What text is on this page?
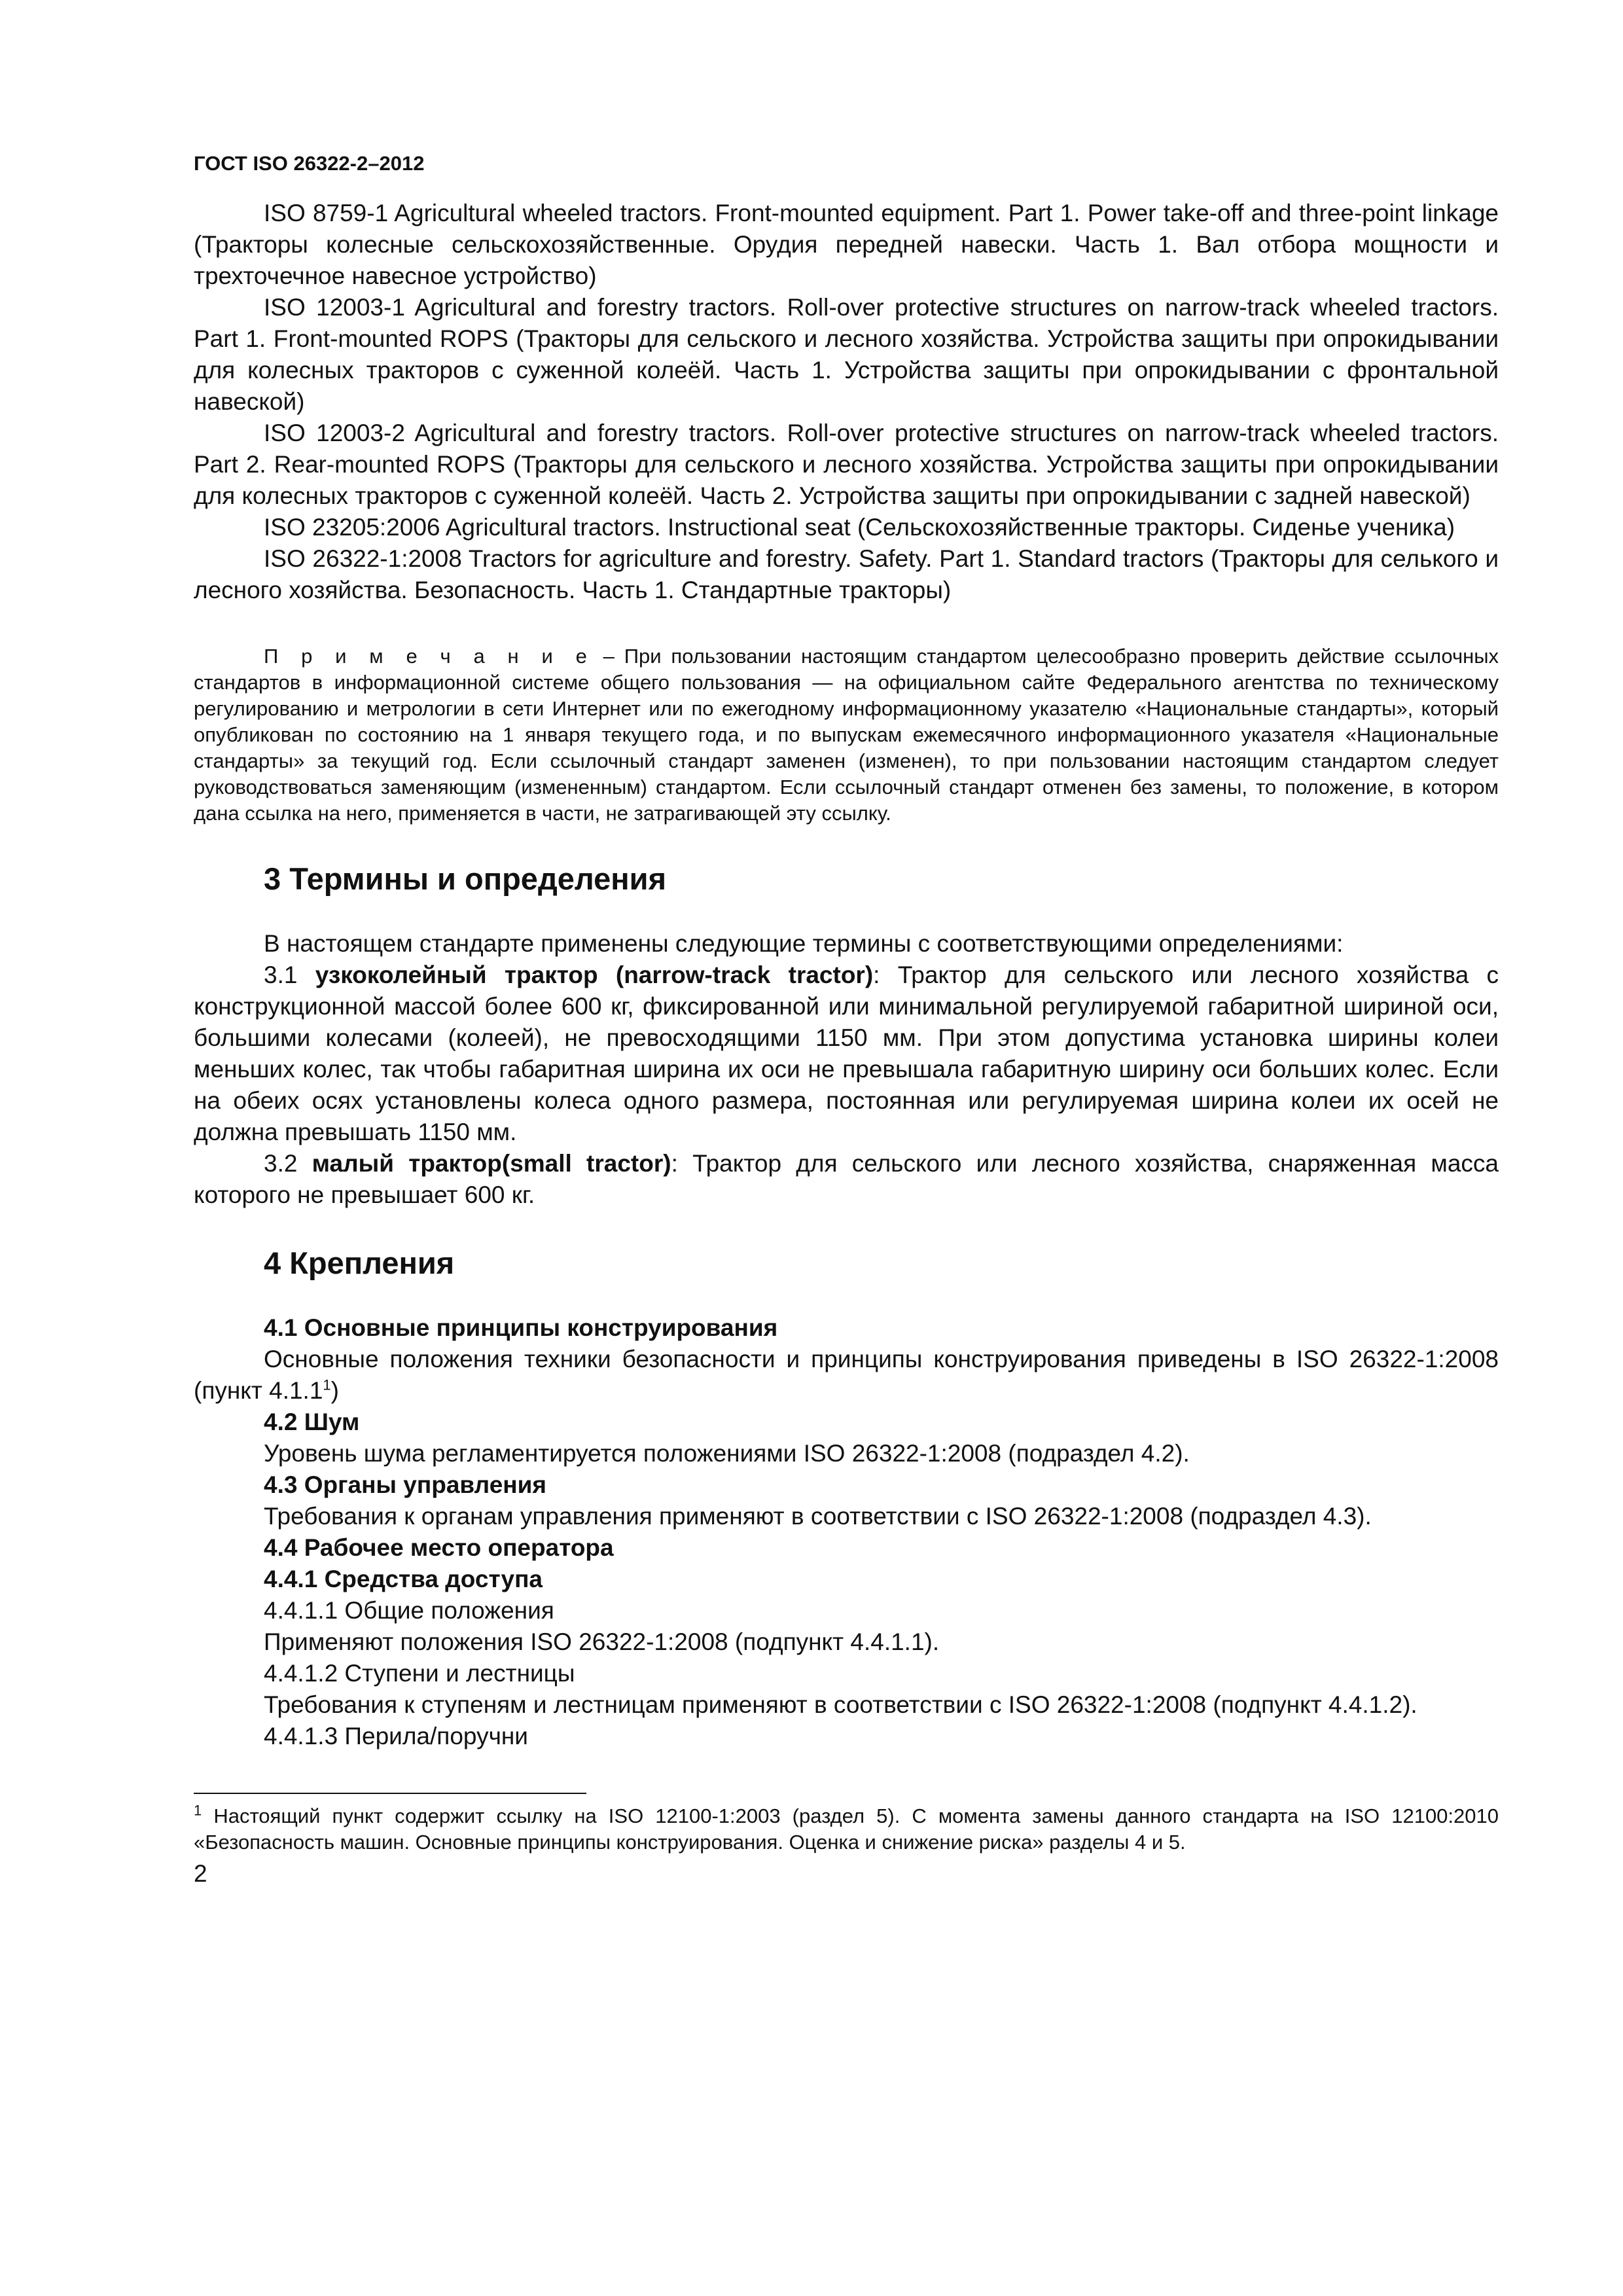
ГОСТ ISO 26322-2–2012

ISO 8759-1 Agricultural wheeled tractors. Front-mounted equipment. Part 1. Power take-off and three-point linkage (Тракторы колесные сельскохозяйственные. Орудия передней навески. Часть 1. Вал отбора мощности и трехточечное навесное устройство)

ISO 12003-1 Agricultural and forestry tractors. Roll-over protective structures on narrow-track wheeled tractors. Part 1. Front-mounted ROPS (Тракторы для сельского и лесного хозяйства. Устройства защиты при опрокидывании для колесных тракторов с суженной колеёй. Часть 1. Устройства защиты при опрокидывании с фронтальной навеской)

ISO 12003-2 Agricultural and forestry tractors. Roll-over protective structures on narrow-track wheeled tractors. Part 2. Rear-mounted ROPS (Тракторы для сельского и лесного хозяйства. Устройства защиты при опрокидывании для колесных тракторов с суженной колеёй. Часть 2. Устройства защиты при опрокидывании с задней навеской)

ISO 23205:2006 Agricultural tractors. Instructional seat (Сельскохозяйственные тракторы. Сиденье ученика)

ISO 26322-1:2008 Tractors for agriculture and forestry. Safety. Part 1. Standard tractors (Тракторы для селького и лесного хозяйства. Безопасность. Часть 1. Стандартные тракторы)

П р и м е ч а н и е – При пользовании настоящим стандартом целесообразно проверить действие ссылочных стандартов в информационной системе общего пользования — на официальном сайте Федерального агентства по техническому регулированию и метрологии в сети Интернет или по ежегодному информационному указателю «Национальные стандарты», который опубликован по состоянию на 1 января текущего года, и по выпускам ежемесячного информационного указателя «Национальные стандарты» за текущий год. Если ссылочный стандарт заменен (изменен), то при пользовании настоящим стандартом следует руководствоваться заменяющим (измененным) стандартом. Если ссылочный стандарт отменен без замены, то положение, в котором дана ссылка на него, применяется в части, не затрагивающей эту ссылку.

3 Термины и определения

В настоящем стандарте применены следующие термины с соответствующими определениями:

3.1 узкоколейный трактор (narrow-track tractor): Трактор для сельского или лесного хозяйства с конструкционной массой более 600 кг, фиксированной или минимальной регулируемой габаритной шириной оси, большими колесами (колеей), не превосходящими 1150 мм. При этом допустима установка ширины колеи меньших колес, так чтобы габаритная ширина их оси не превышала габаритную ширину оси больших колес. Если на обеих осях установлены колеса одного размера, постоянная или регулируемая ширина колеи их осей не должна превышать 1150 мм.

3.2 малый трактор(small tractor): Трактор для сельского или лесного хозяйства, снаряженная масса которого не превышает 600 кг.

4 Крепления
4.1 Основные принципы конструирования

Основные положения техники безопасности и принципы конструирования приведены в ISO 26322-1:2008 (пункт 4.1.1$^1$)

4.2 Шум

Уровень шума регламентируется положениями ISO 26322-1:2008 (подраздел 4.2).

4.3 Органы управления

Требования к органам управления применяют в соответствии с ISO 26322-1:2008 (подраздел 4.3).

4.4 Рабочее место оператора
4.4.1 Средства доступа
4.4.1.1 Общие положения

Применяют положения ISO 26322-1:2008 (подпункт 4.4.1.1).

4.4.1.2 Ступени и лестницы

Требования к ступеням и лестницам применяют в соответствии с ISO 26322-1:2008 (подпункт 4.4.1.2).

4.4.1.3 Перила/поручни

$^1$ Настоящий пункт содержит ссылку на ISO 12100-1:2003 (раздел 5). С момента замены данного стандарта на ISO 12100:2010 «Безопасность машин. Основные принципы конструирования. Оценка и снижение риска» разделы 4 и 5.

2
